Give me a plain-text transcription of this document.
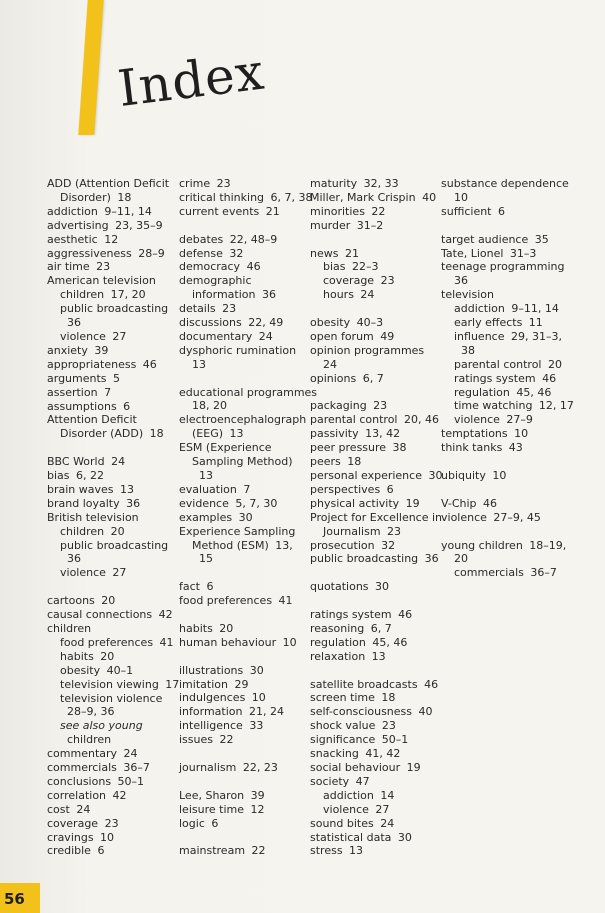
Index
ADD (Attention Deficit
Disorder) 18
addiction 9–11, 14
advertising 23, 35–9
aesthetic 12
aggressiveness 28–9
air time 23
American television
children 17, 20
public broadcasting
36
violence 27
anxiety 39
appropriateness 46
arguments 5
assertion 7
assumptions 6
Attention Deficit
Disorder (ADD) 18
BBC World 24
bias 6, 22
brain waves 13
brand loyalty 36
British television
children 20
public broadcasting
36
violence 27
cartoons 20
causal connections 42
children
food preferences 41
habits 20
obesity 40–1
television viewing 17
television violence
28–9, 36
see also young
children
commentary 24
commercials 36–7
conclusions 50–1
correlation 42
cost 24
coverage 23
cravings 10
credible 6
crime 23
critical thinking 6, 7, 38
current events 21
debates 22, 48–9
defense 32
democracy 46
demographic
information 36
details 23
discussions 22, 49
documentary 24
dysphoric rumination
13
educational programmes
18, 20
electroencephalograph
(EEG) 13
ESM (Experience
Sampling Method)
13
evaluation 7
evidence 5, 7, 30
examples 30
Experience Sampling
Method (ESM) 13,
15
fact 6
food preferences 41
habits 20
human behaviour 10
illustrations 30
imitation 29
indulgences 10
information 21, 24
intelligence 33
issues 22
journalism 22, 23
Lee, Sharon 39
leisure time 12
logic 6
mainstream 22
maturity 32, 33
Miller, Mark Crispin 40
minorities 22
murder 31–2
news 21
bias 22–3
coverage 23
hours 24
obesity 40–3
open forum 49
opinion programmes
24
opinions 6, 7
packaging 23
parental control 20, 46
passivity 13, 42
peer pressure 38
peers 18
personal experience 30
perspectives 6
physical activity 19
Project for Excellence in
Journalism 23
prosecution 32
public broadcasting 36
quotations 30
ratings system 46
reasoning 6, 7
regulation 45, 46
relaxation 13
satellite broadcasts 46
screen time 18
self-consciousness 40
shock value 23
significance 50–1
snacking 41, 42
social behaviour 19
society 47
addiction 14
violence 27
sound bites 24
statistical data 30
stress 13
substance dependence
10
sufficient 6
target audience 35
Tate, Lionel 31–3
teenage programming
36
television
addiction 9–11, 14
early effects 11
influence 29, 31–3,
38
parental control 20
ratings system 46
regulation 45, 46
time watching 12, 17
violence 27–9
temptations 10
think tanks 43
ubiquity 10
V-Chip 46
violence 27–9, 45
young children 18–19,
20
commercials 36–7
56
